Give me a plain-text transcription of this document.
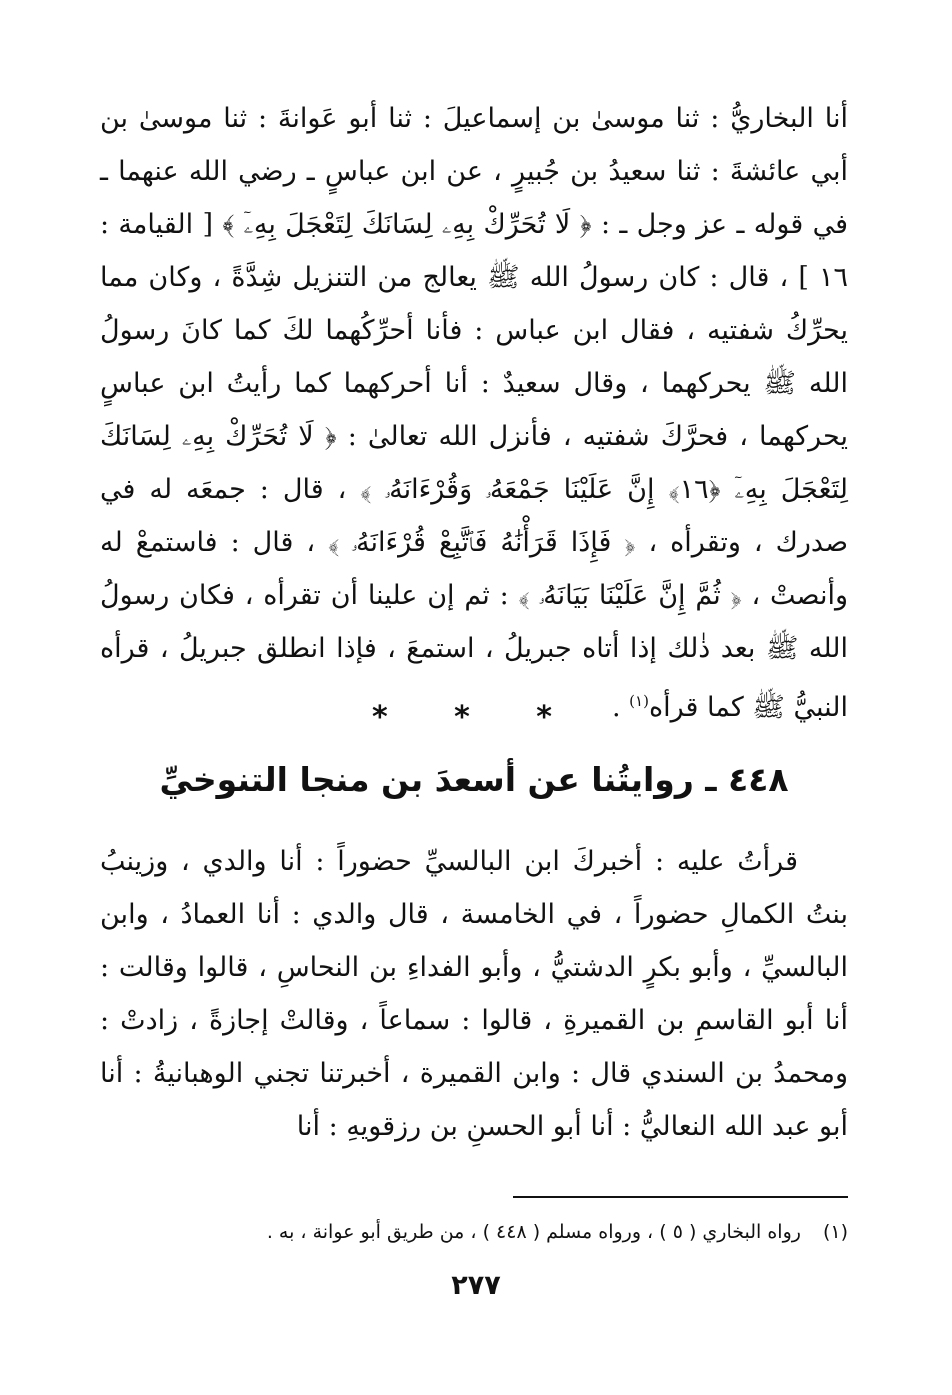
أنا البخاريُّ : ثنا موسىٰ بن إسماعيلَ : ثنا أبو عَوانةَ : ثنا موسىٰ بن أبي عائشةَ : ثنا سعيدُ بن جُبيرٍ ، عن ابن عباسٍ ـ رضي الله عنهما ـ في قوله ـ عز وجل ـ : ﴿ لَا تُحَرِّكْ بِهِۦ لِسَانَكَ لِتَعْجَلَ بِهِۦٓ ﴾ [ القيامة : ١٦ ] ، قال : كان رسولُ الله ﷺ يعالج من التنزيل شِدَّةً ، وكان مما يحرِّكُ شفتيه ، فقال ابن عباس : فأنا أحرِّكُهما لكَ كما كانَ رسولُ الله ﷺ يحركهما ، وقال سعيدٌ : أنا أحركهما كما رأيتُ ابن عباسٍ يحركهما ، فحرَّكَ شفتيه ، فأنزل الله تعالىٰ : ﴿ لَا تُحَرِّكْ بِهِۦ لِسَانَكَ لِتَعْجَلَ بِهِۦٓ ﴿١٦﴾ إِنَّ عَلَيْنَا جَمْعَهُۥ وَقُرْءَانَهُۥ ﴾ ، قال : جمعَه له في صدرك ، وتقرأه ، ﴿ فَإِذَا قَرَأْنَٰهُ فَٱتَّبِعْ قُرْءَانَهُۥ ﴾ ، قال : فاستمعْ له وأنصتْ ، ﴿ ثُمَّ إِنَّ عَلَيْنَا بَيَانَهُۥ ﴾ : ثم إن علينا أن تقرأه ، فكان رسولُ الله ﷺ بعد ذٰلك إذا أتاه جبريلُ ، استمعَ ، فإذا انطلق جبريلُ ، قرأه النبيُّ ﷺ كما قرأه$^{(١)}$ .
* * *
٤٤٨ ـ روايتُنا عن أسعدَ بن منجا التنوخيِّ
قرأتُ عليه : أخبركَ ابن البالسيِّ حضوراً : أنا والدي ، وزينبُ بنتُ الكمالِ حضوراً ، في الخامسة ، قال والدي : أنا العمادُ ، وابن البالسيِّ ، وأبو بكرٍ الدشتيُّ ، وأبو الفداءِ بن النحاسِ ، قالوا وقالت : أنا أبو القاسمِ بن القميرةِ ، قالوا : سماعاً ، وقالتْ إجازةً ، زادتْ : ومحمدُ بن السندي قال : وابن القميرة ، أخبرتنا تجني الوهبانيةُ : أنا أبو عبد الله النعاليُّ : أنا أبو الحسنِ بن رزقويهِ : أنا
(١)رواه البخاري ( ٥ ) ، ورواه مسلم ( ٤٤٨ ) ، من طريق أبو عوانة ، به .
٢٧٧
